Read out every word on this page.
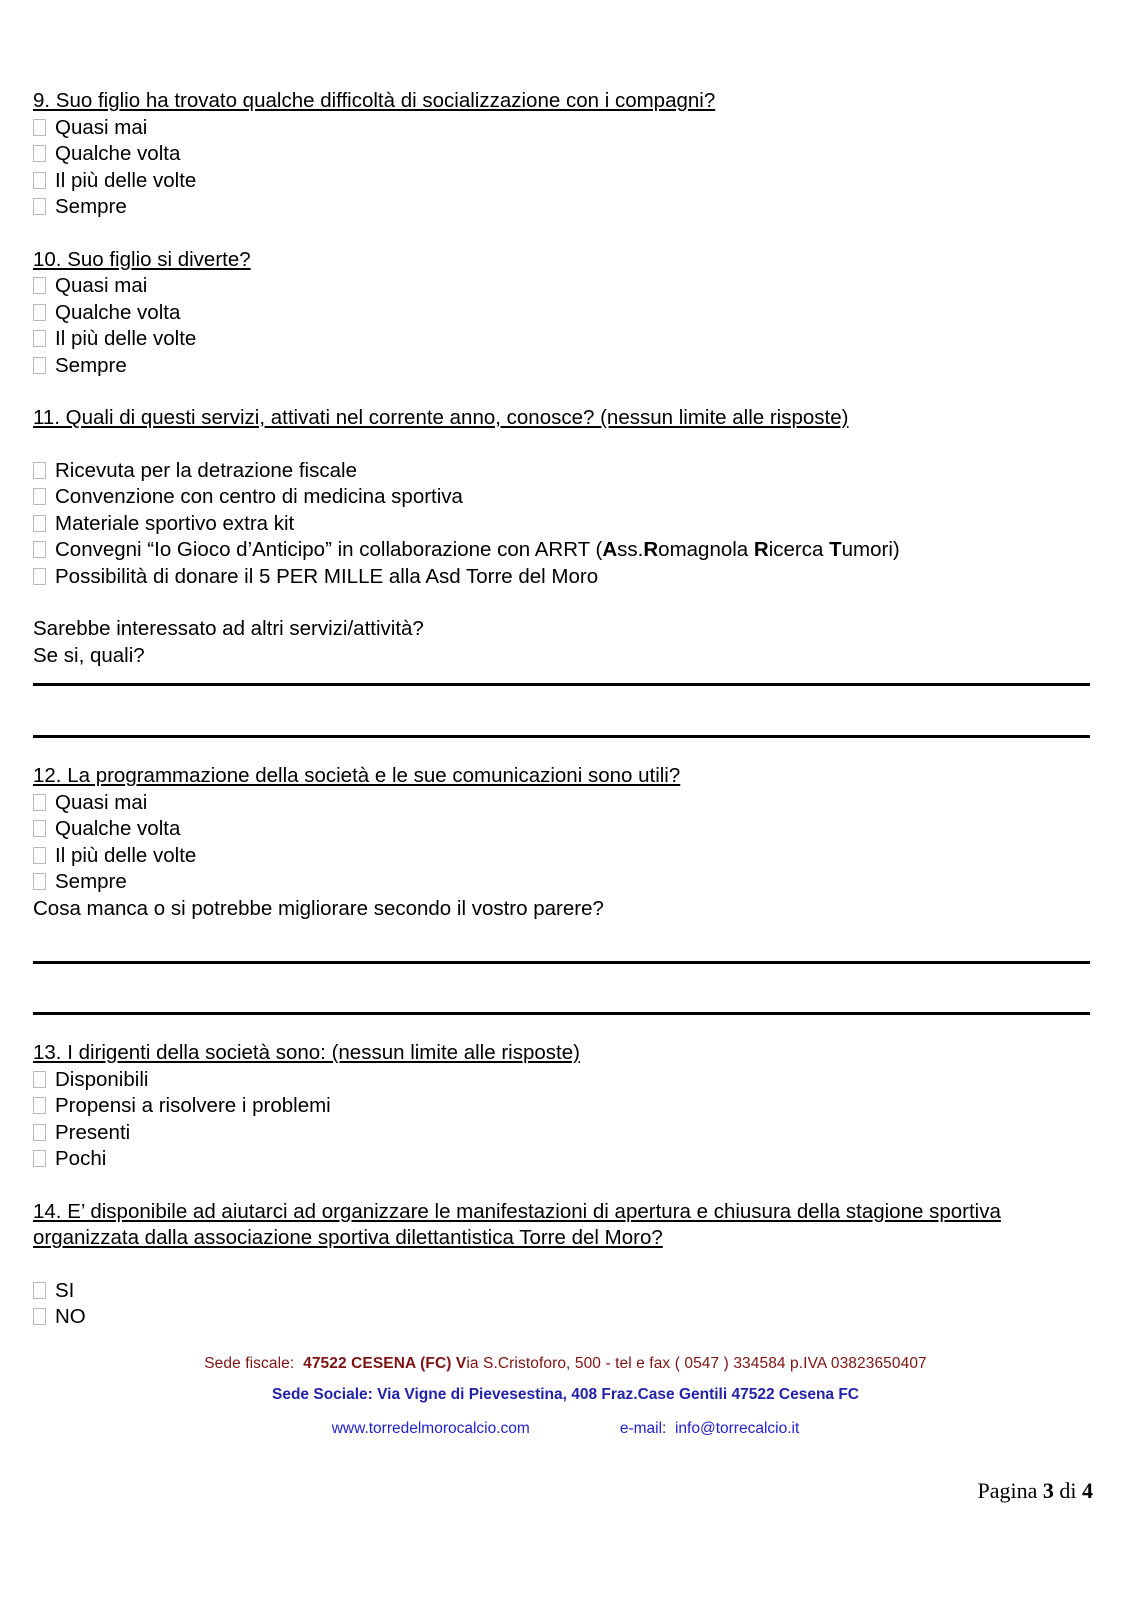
9. Suo figlio ha trovato qualche difficoltà di socializzazione con i compagni?
Quasi mai
Qualche volta
Il più delle volte
Sempre
10. Suo figlio si diverte?
Quasi mai
Qualche volta
Il più delle volte
Sempre
11. Quali di questi servizi, attivati nel corrente anno, conosce? (nessun limite alle risposte)
Ricevuta per la detrazione fiscale
Convenzione con centro di medicina sportiva
Materiale sportivo extra kit
Convegni “Io Gioco d’Anticipo” in collaborazione con ARRT (Ass.Romagnola Ricerca Tumori)
Possibilità di donare il 5 PER MILLE alla Asd Torre del Moro
Sarebbe interessato ad altri servizi/attività?
Se si, quali?
12. La programmazione della società e le sue comunicazioni sono utili?
Quasi mai
Qualche volta
Il più delle volte
Sempre
Cosa manca o si potrebbe migliorare secondo il vostro parere?
13. I dirigenti della società sono: (nessun limite alle risposte)
Disponibili
Propensi a risolvere i problemi
Presenti
Pochi
14. E’ disponibile ad aiutarci ad organizzare le manifestazioni di apertura e chiusura della stagione sportiva
organizzata dalla associazione sportiva dilettantistica Torre del Moro?
SI
NO
Sede fiscale: 47522 CESENA (FC) Via S.Cristoforo, 500 - tel e fax ( 0547 ) 334584 p.IVA 03823650407
Sede Sociale: Via Vigne di Pievesestina, 408 Fraz.Case Gentili 47522 Cesena FC
www.torredelmorocalcio.com	e-mail: info@torrecalcio.it
Pagina 3 di 4
